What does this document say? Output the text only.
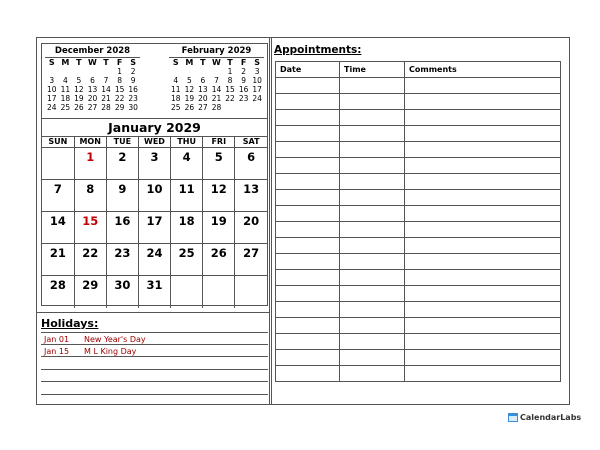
December 2028
S	M	T	W	T	F	S
					1	2
3	4	5	6	7	8	9
10	11	12	13	14	15	16
17	18	19	20	21	22	23
24	25	26	27	28	29	30
February 2029
S	M	T	W	T	F	S
				1	2	3
4	5	6	7	8	9	10
11	12	13	14	15	16	17
18	19	20	21	22	23	24
25	26	27	28			
January 2029
SUN	MON	TUE	WED	THU	FRI	SAT
	1	2	3	4	5	6
7	8	9	10	11	12	13
14	15	16	17	18	19	20
21	22	23	24	25	26	27
28	29	30	31			
Holidays:
Jan 01 New Year's Day
Jan 15 M L King Day
Appointments:
Date	Time	Comments

CalendarLabs
